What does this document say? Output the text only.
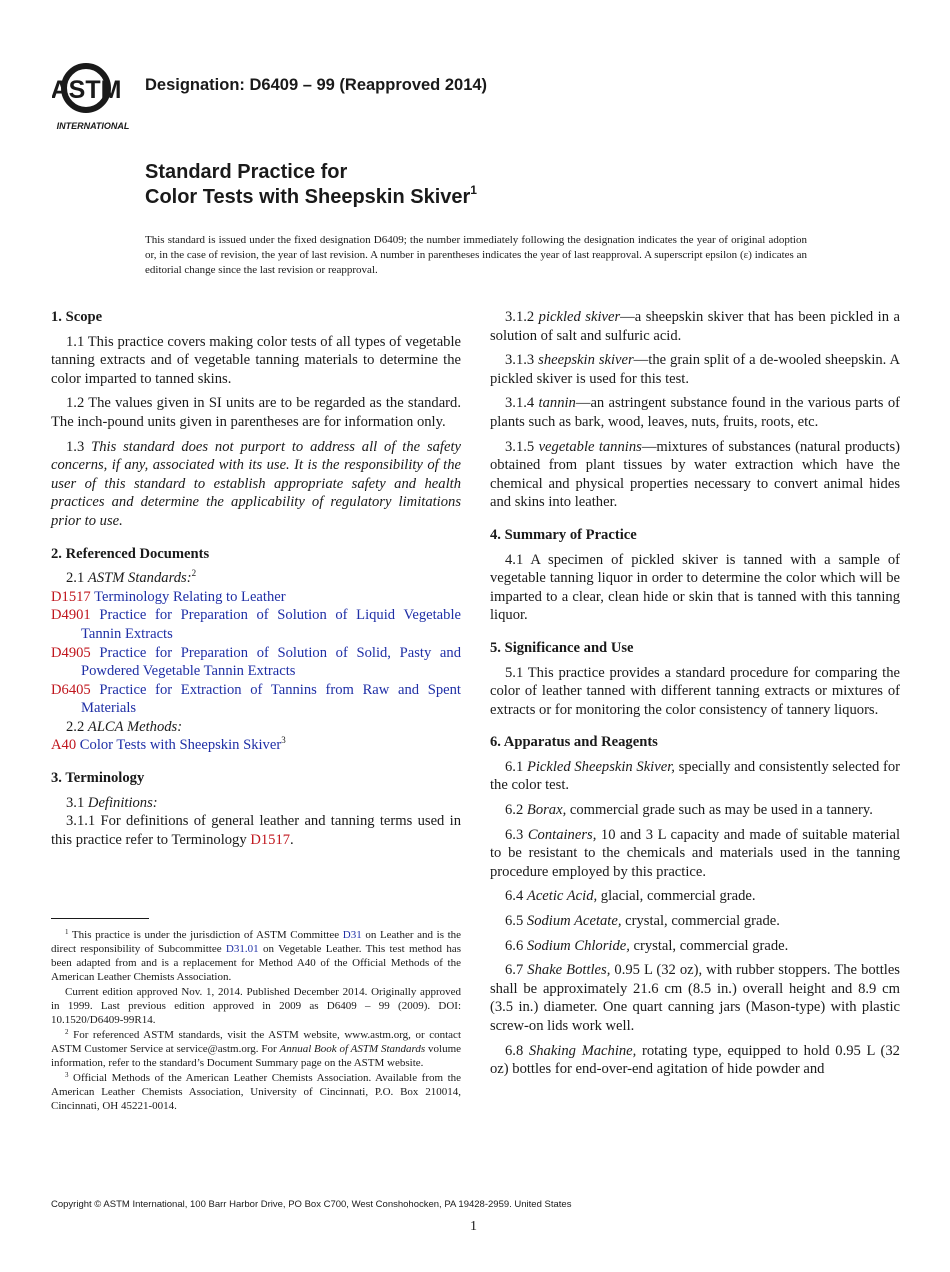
ASTM
INTERNATIONAL
Designation: D6409 – 99 (Reapproved 2014)
Standard Practice for
Color Tests with Sheepskin Skiver$^1$
This standard is issued under the fixed designation D6409; the number immediately following the designation indicates the year of original adoption or, in the case of revision, the year of last revision. A number in parentheses indicates the year of last reapproval. A superscript epsilon (ε) indicates an editorial change since the last revision or reapproval.
1. Scope

1.1 This practice covers making color tests of all types of vegetable tanning extracts and of vegetable tanning materials to determine the color imparted to tanned skins.

1.2 The values given in SI units are to be regarded as the standard. The inch-pound units given in parentheses are for information only.

1.3 This standard does not purport to address all of the safety concerns, if any, associated with its use. It is the responsibility of the user of this standard to establish appropriate safety and health practices and determine the applicability of regulatory limitations prior to use.

2. Referenced Documents

2.1 ASTM Standards:$^2$

D1517 Terminology Relating to Leather
D4901 Practice for Preparation of Solution of Liquid Vegetable Tannin Extracts
D4905 Practice for Preparation of Solution of Solid, Pasty and Powdered Vegetable Tannin Extracts
D6405 Practice for Extraction of Tannins from Raw and Spent Materials

2.2 ALCA Methods:

A40 Color Tests with Sheepskin Skiver$^3$
3. Terminology

3.1 Definitions:

3.1.1 For definitions of general leather and tanning terms used in this practice refer to Terminology D1517.

3.1.2 pickled skiver—a sheepskin skiver that has been pickled in a solution of salt and sulfuric acid.

3.1.3 sheepskin skiver—the grain split of a de-wooled sheepskin. A pickled skiver is used for this test.

3.1.4 tannin—an astringent substance found in the various parts of plants such as bark, wood, leaves, nuts, fruits, roots, etc.

3.1.5 vegetable tannins—mixtures of substances (natural products) obtained from plant tissues by water extraction which have the chemical and physical properties necessary to convert animal hides and skins into leather.

4. Summary of Practice

4.1 A specimen of pickled skiver is tanned with a sample of vegetable tanning liquor in order to determine the color which will be imparted to a clear, clean hide or skin that is tanned with this tanning liquor.

5. Significance and Use

5.1 This practice provides a standard procedure for comparing the color of leather tanned with different tanning extracts or mixtures of extracts or for monitoring the color consistency of tannery liquors.

6. Apparatus and Reagents

6.1 Pickled Sheepskin Skiver, specially and consistently selected for the color test.

6.2 Borax, commercial grade such as may be used in a tannery.

6.3 Containers, 10 and 3 L capacity and made of suitable material to be resistant to the chemicals and materials used in the tanning procedure employed by this practice.

6.4 Acetic Acid, glacial, commercial grade.

6.5 Sodium Acetate, crystal, commercial grade.

6.6 Sodium Chloride, crystal, commercial grade.

6.7 Shake Bottles, 0.95 L (32 oz), with rubber stoppers. The bottles shall be approximately 21.6 cm (8.5 in.) overall height and 8.9 cm (3.5 in.) diameter. One quart canning jars (Mason-type) with plastic screw-on lids work well.

6.8 Shaking Machine, rotating type, equipped to hold 0.95 L (32 oz) bottles for end-over-end agitation of hide powder and

$^1$ This practice is under the jurisdiction of ASTM Committee D31 on Leather and is the direct responsibility of Subcommittee D31.01 on Vegetable Leather. This test method has been adapted from and is a replacement for Method A40 of the Official Methods of the American Leather Chemists Association.

Current edition approved Nov. 1, 2014. Published December 2014. Originally approved in 1999. Last previous edition approved in 2009 as D6409 – 99 (2009). DOI: 10.1520/D6409-99R14.

$^2$ For referenced ASTM standards, visit the ASTM website, www.astm.org, or contact ASTM Customer Service at service@astm.org. For Annual Book of ASTM Standards volume information, refer to the standard’s Document Summary page on the ASTM website.

$^3$ Official Methods of the American Leather Chemists Association. Available from the American Leather Chemists Association, University of Cincinnati, P.O. Box 210014, Cincinnati, OH 45221-0014.

Copyright © ASTM International, 100 Barr Harbor Drive, PO Box C700, West Conshohocken, PA 19428-2959. United States
1
